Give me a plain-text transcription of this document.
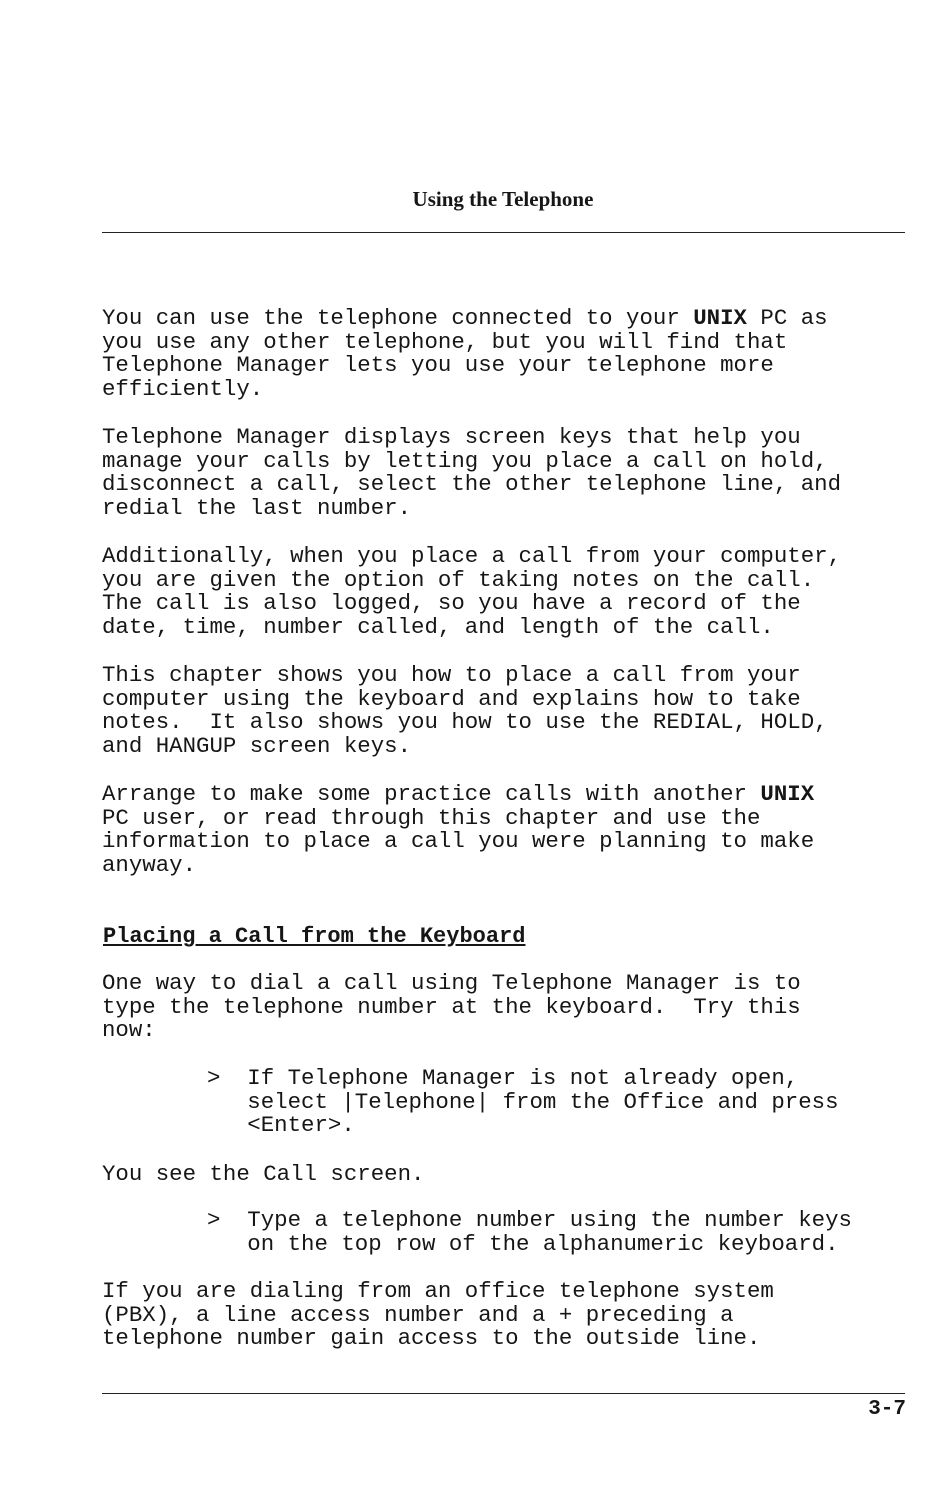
Using the Telephone

You can use the telephone connected to your UNIX PC as
you use any other telephone, but you will find that
Telephone Manager lets you use your telephone more
efficiently.

Telephone Manager displays screen keys that help you
manage your calls by letting you place a call on hold,
disconnect a call, select the other telephone line, and
redial the last number.

Additionally, when you place a call from your computer,
you are given the option of taking notes on the call.
The call is also logged, so you have a record of the
date, time, number called, and length of the call.

This chapter shows you how to place a call from your
computer using the keyboard and explains how to take
notes.  It also shows you how to use the REDIAL, HOLD,
and HANGUP screen keys.

Arrange to make some practice calls with another UNIX
PC user, or read through this chapter and use the
information to place a call you were planning to make
anyway.

Placing a Call from the Keyboard

One way to dial a call using Telephone Manager is to
type the telephone number at the keyboard.  Try this
now:

>  If Telephone Manager is not already open,
select |Telephone| from the Office and press
<Enter>.

You see the Call screen.

>  Type a telephone number using the number keys
on the top row of the alphanumeric keyboard.

If you are dialing from an office telephone system
(PBX), a line access number and a + preceding a
telephone number gain access to the outside line.

3-7
